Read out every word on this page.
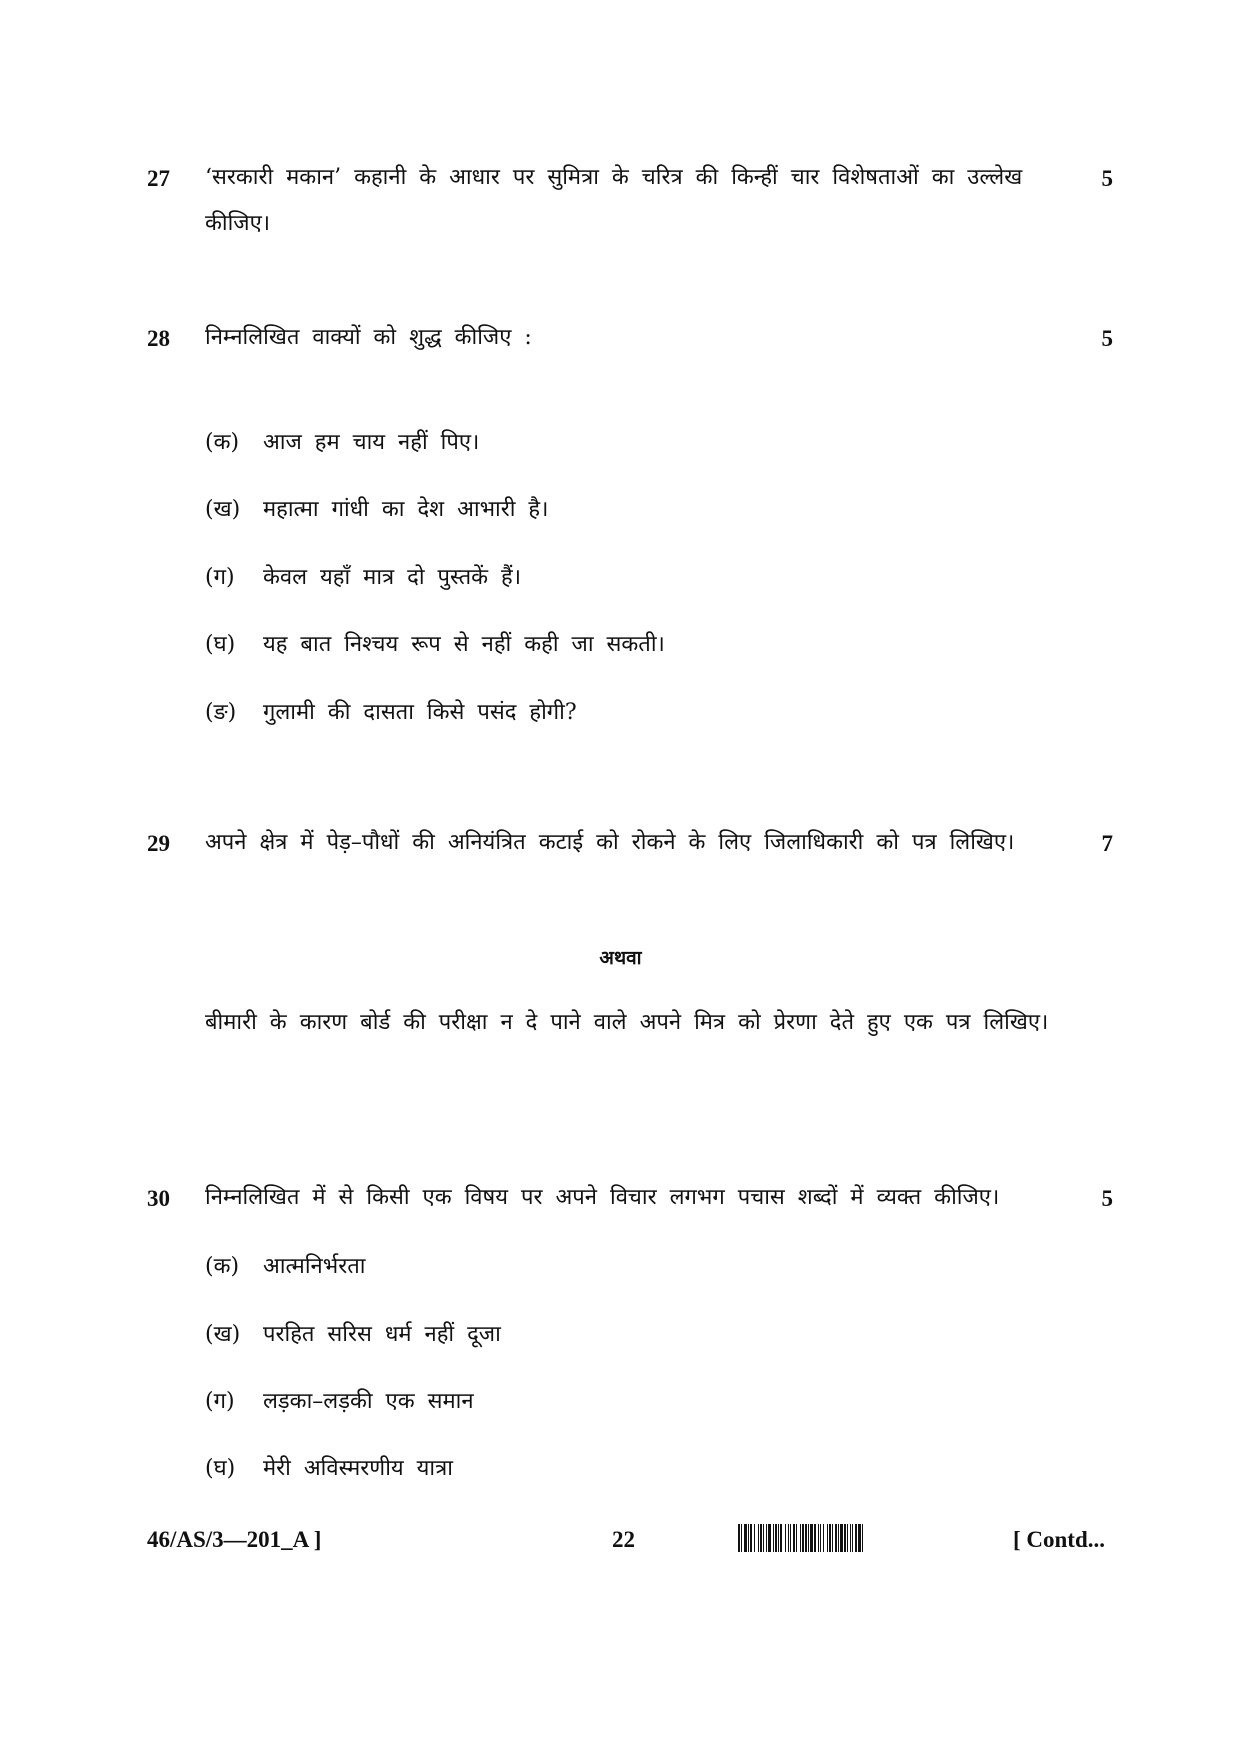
27 ‘सरकारी मकान’ कहानी के आधार पर सुमित्रा के चरित्र की किन्हीं चार विशेषताओं का उल्लेख कीजिए।
5
28 निम्नलिखित वाक्यों को शुद्ध कीजिए :	5
(क) आज हम चाय नहीं पिए।
(ख) महात्मा गांधी का देश आभारी है।
(ग) केवल यहाँ मात्र दो पुस्तकें हैं।
(घ) यह बात निश्चय रूप से नहीं कही जा सकती।
(ङ) गुलामी की दासता किसे पसंद होगी?
29 अपने क्षेत्र में पेड़–पौधों की अनियंत्रित कटाई को रोकने के लिए जिलाधिकारी को पत्र लिखिए।	7
अथवा
बीमारी के कारण बोर्ड की परीक्षा न दे पाने वाले अपने मित्र को प्रेरणा देते हुए एक पत्र लिखिए।
30 निम्नलिखित में से किसी एक विषय पर अपने विचार लगभग पचास शब्दों में व्यक्त कीजिए।	5
(क) आत्मनिर्भरता
(ख) परहित सरिस धर्म नहीं दूजा
(ग) लड़का–लड़की एक समान
(घ) मेरी अविस्मरणीय यात्रा
46/AS/3—201_A ]	22	[ Contd...
